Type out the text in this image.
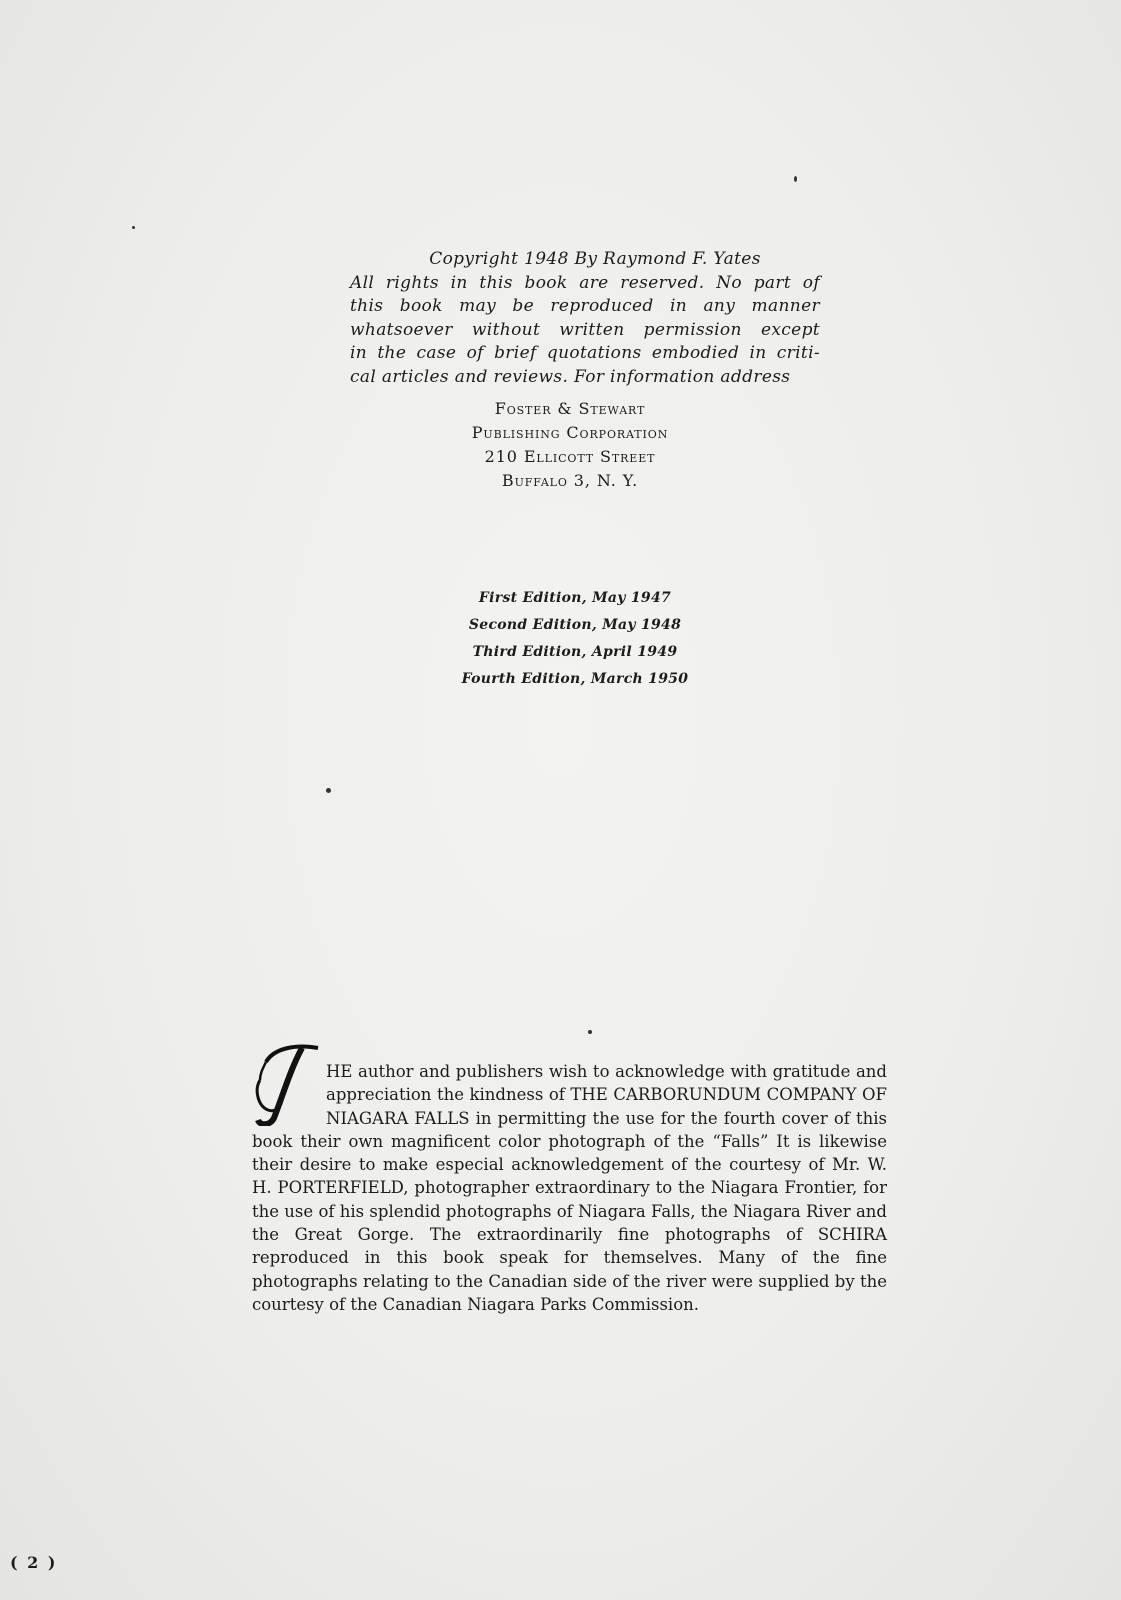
Copyright 1948 By Raymond F. Yates
All rights in this book are reserved. No part of
this book may be reproduced in any manner
whatsoever without written permission except
in the case of brief quotations embodied in criti-
cal articles and reviews. For information address
Foster & Stewart
Publishing Corporation
210 Ellicott Street
Buffalo 3, N. Y.
First Edition, May 1947
Second Edition, May 1948
Third Edition, April 1949
Fourth Edition, March 1950

HE author and publishers wish to acknowledge with gratitude and appreciation the kindness of THE CARBORUNDUM COMPANY OF NIAGARA FALLS in permitting the use for the fourth cover of this book their own magnificent color photograph of the “Falls” It is likewise their desire to make especial acknowledgement of the courtesy of Mr. W. H. PORTERFIELD, photographer extraordinary to the Niagara Frontier, for the use of his splendid photographs of Niagara Falls, the Niagara River and the Great Gorge. The extraordinarily fine photographs of SCHIRA reproduced in this book speak for themselves. Many of the fine photographs relating to the Canadian side of the river were supplied by the courtesy of the Canadian Niagara Parks Commission.

( 2 )
